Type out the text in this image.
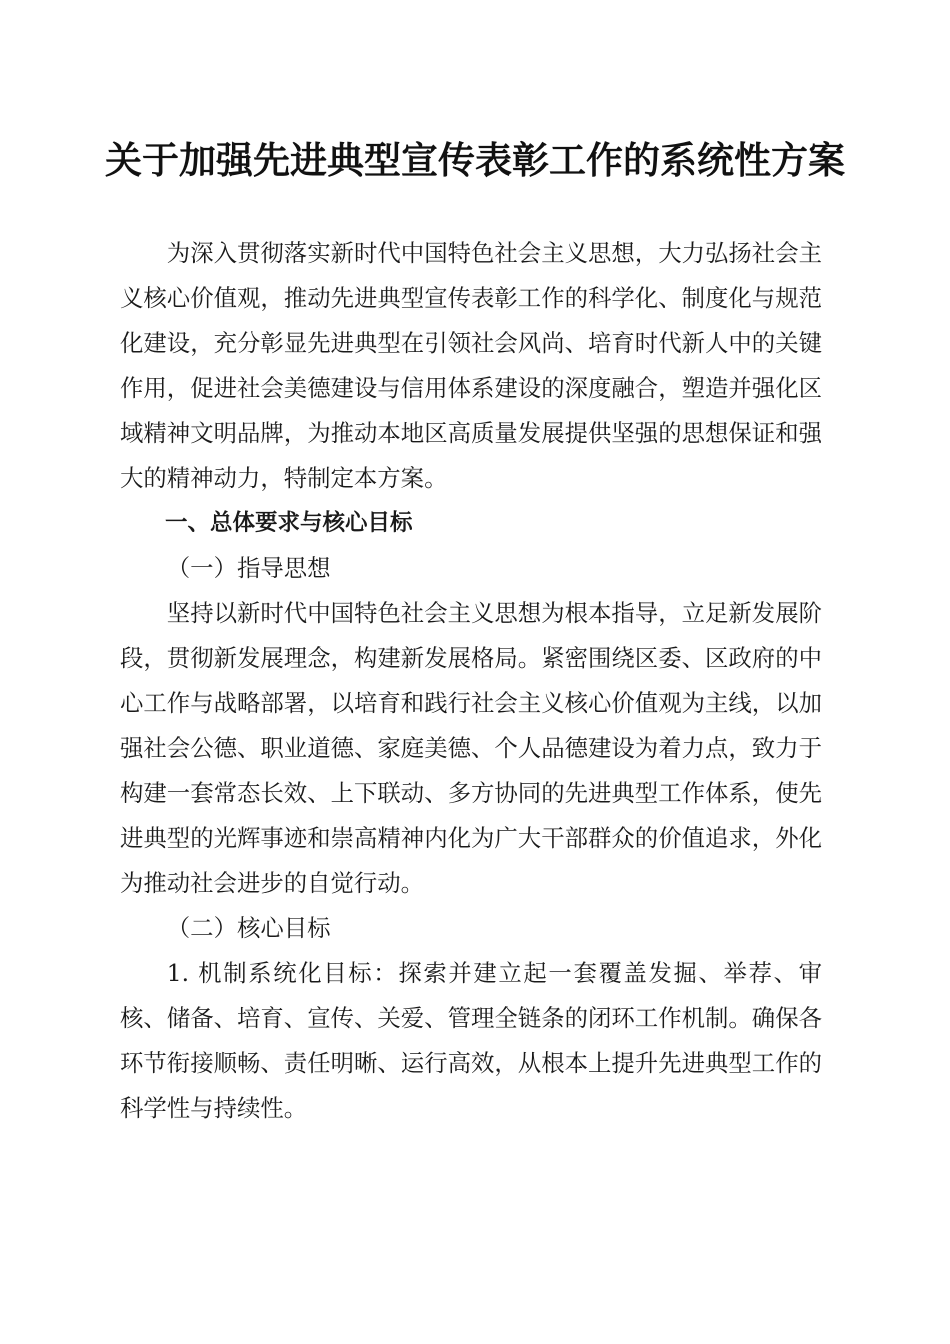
关于加强先进典型宣传表彰工作的系统性方案

为深入贯彻落实新时代中国特色社会主义思想，大力弘扬社会主义核心价值观，推动先进典型宣传表彰工作的科学化、制度化与规范化建设，充分彰显先进典型在引领社会风尚、培育时代新人中的关键作用，促进社会美德建设与信用体系建设的深度融合，塑造并强化区域精神文明品牌，为推动本地区高质量发展提供坚强的思想保证和强大的精神动力，特制定本方案。

一、总体要求与核心目标

（一）指导思想

坚持以新时代中国特色社会主义思想为根本指导，立足新发展阶段，贯彻新发展理念，构建新发展格局。紧密围绕区委、区政府的中心工作与战略部署，以培育和践行社会主义核心价值观为主线，以加强社会公德、职业道德、家庭美德、个人品德建设为着力点，致力于构建一套常态长效、上下联动、多方协同的先进典型工作体系，使先进典型的光辉事迹和崇高精神内化为广大干部群众的价值追求，外化为推动社会进步的自觉行动。

（二）核心目标

1. 机制系统化目标：探索并建立起一套覆盖发掘、举荐、审核、储备、培育、宣传、关爱、管理全链条的闭环工作机制。确保各环节衔接顺畅、责任明晰、运行高效，从根本上提升先进典型工作的科学性与持续性。
